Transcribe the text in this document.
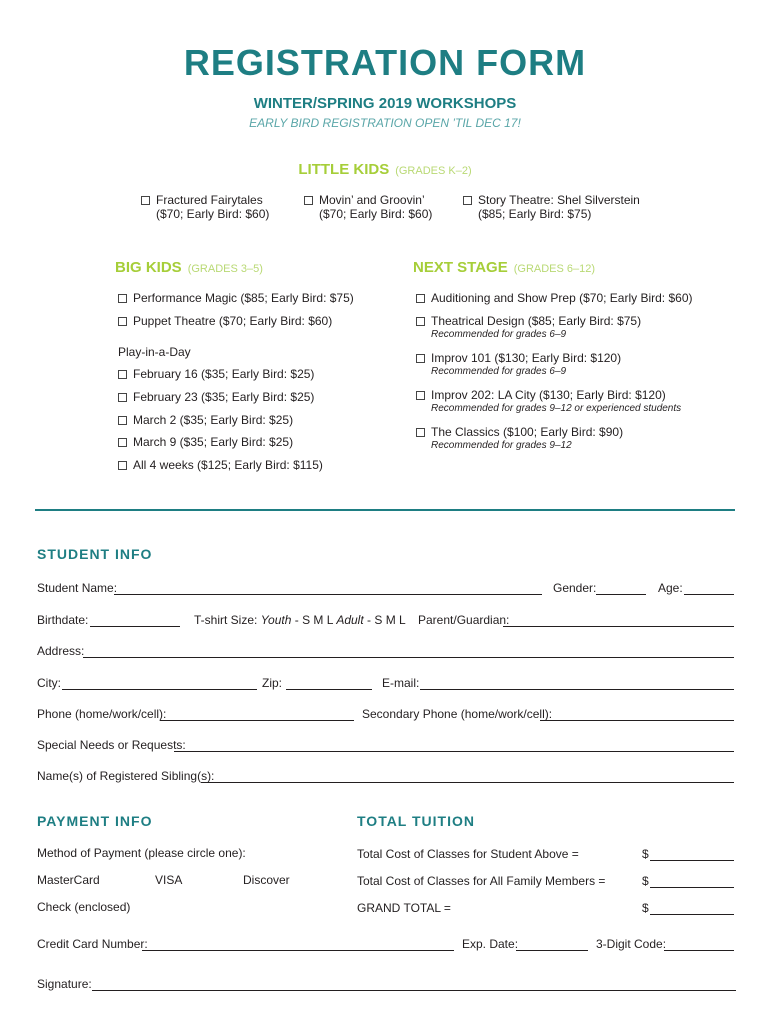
REGISTRATION FORM
WINTER/SPRING 2019 WORKSHOPS
EARLY BIRD REGISTRATION OPEN ’TIL DEC 17!
LITTLE KIDS (GRADES K–2)
Fractured Fairytales
($70; Early Bird: $60)
Movin’ and Groovin’
($70; Early Bird: $60)
Story Theatre: Shel Silverstein
($85; Early Bird: $75)
BIG KIDS (GRADES 3–5)
Performance Magic ($85; Early Bird: $75)
Puppet Theatre ($70; Early Bird: $60)
Play-in-a-Day
February 16 ($35; Early Bird: $25)
February 23 ($35; Early Bird: $25)
March 2 ($35; Early Bird: $25)
March 9 ($35; Early Bird: $25)
All 4 weeks ($125; Early Bird: $115)
NEXT STAGE (GRADES 6–12)
Auditioning and Show Prep ($70; Early Bird: $60)
Theatrical Design ($85; Early Bird: $75)
Recommended for grades 6–9
Improv 101 ($130; Early Bird: $120)
Recommended for grades 6–9
Improv 202: LA City ($130; Early Bird: $120)
Recommended for grades 9–12 or experienced students
The Classics ($100; Early Bird: $90)
Recommended for grades 9–12
STUDENT INFO
Student Name:	Gender:	Age:
Birthdate:	T-shirt Size: Youth - S M L Adult - S M L Parent/Guardian:
Address:
City:	Zip:	E-mail:
Phone (home/work/cell):	Secondary Phone (home/work/cell):
Special Needs or Requests:
Name(s) of Registered Sibling(s):
PAYMENT INFO
Method of Payment (please circle one):
MasterCard	VISA	Discover
Check (enclosed)
TOTAL TUITION
Total Cost of Classes for Student Above =	$
Total Cost of Classes for All Family Members =	$
GRAND TOTAL =	$
Credit Card Number:	Exp. Date:	3-Digit Code:
Signature:
